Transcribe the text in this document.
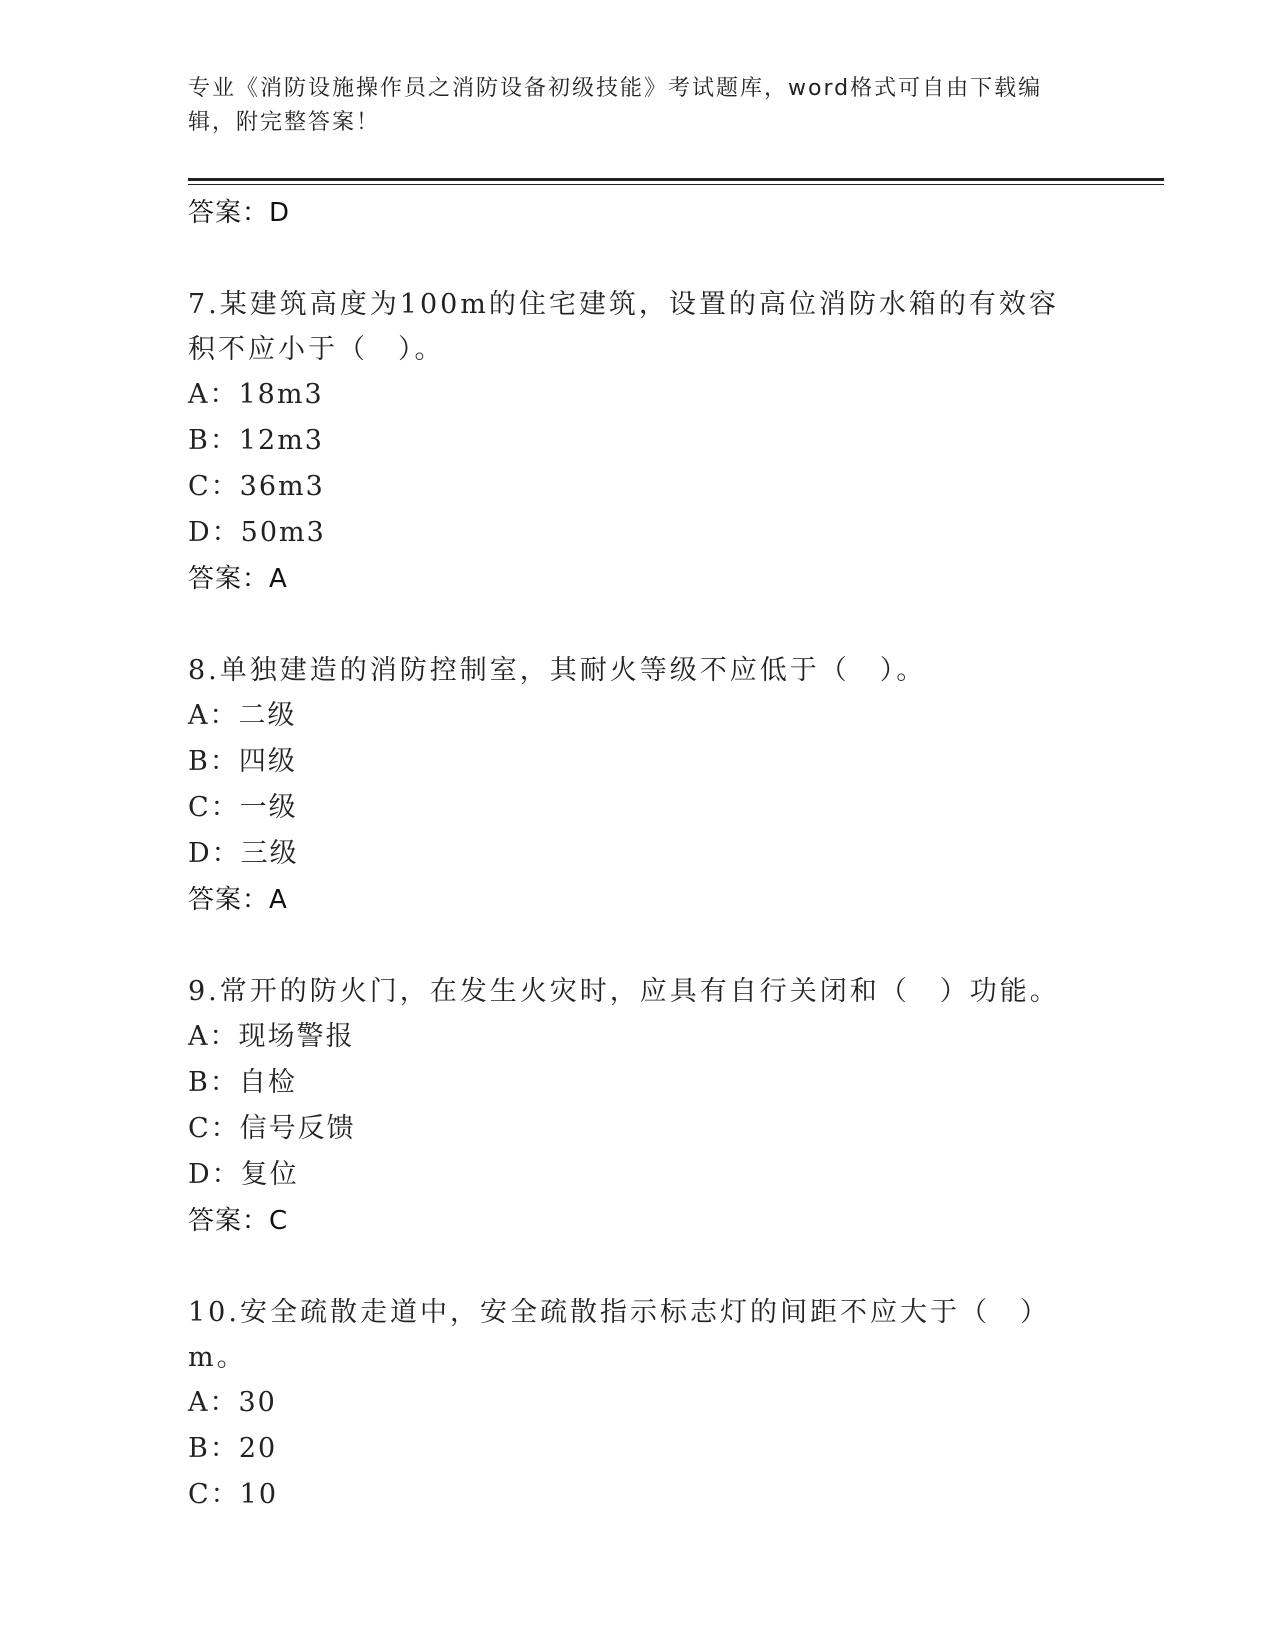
专业《消防设施操作员之消防设备初级技能》考试题库，word格式可自由下载编辑，附完整答案！
答案：D
7.某建筑高度为100m的住宅建筑，设置的高位消防水箱的有效容积不应小于（　）。
A：18m3
B：12m3
C：36m3
D：50m3
答案：A
8.单独建造的消防控制室，其耐火等级不应低于（　）。
A：二级
B：四级
C：一级
D：三级
答案：A
9.常开的防火门，在发生火灾时，应具有自行关闭和（　）功能。
A：现场警报
B：自检
C：信号反馈
D：复位
答案：C
10.安全疏散走道中，安全疏散指示标志灯的间距不应大于（　）m。
A：30
B：20
C：10
